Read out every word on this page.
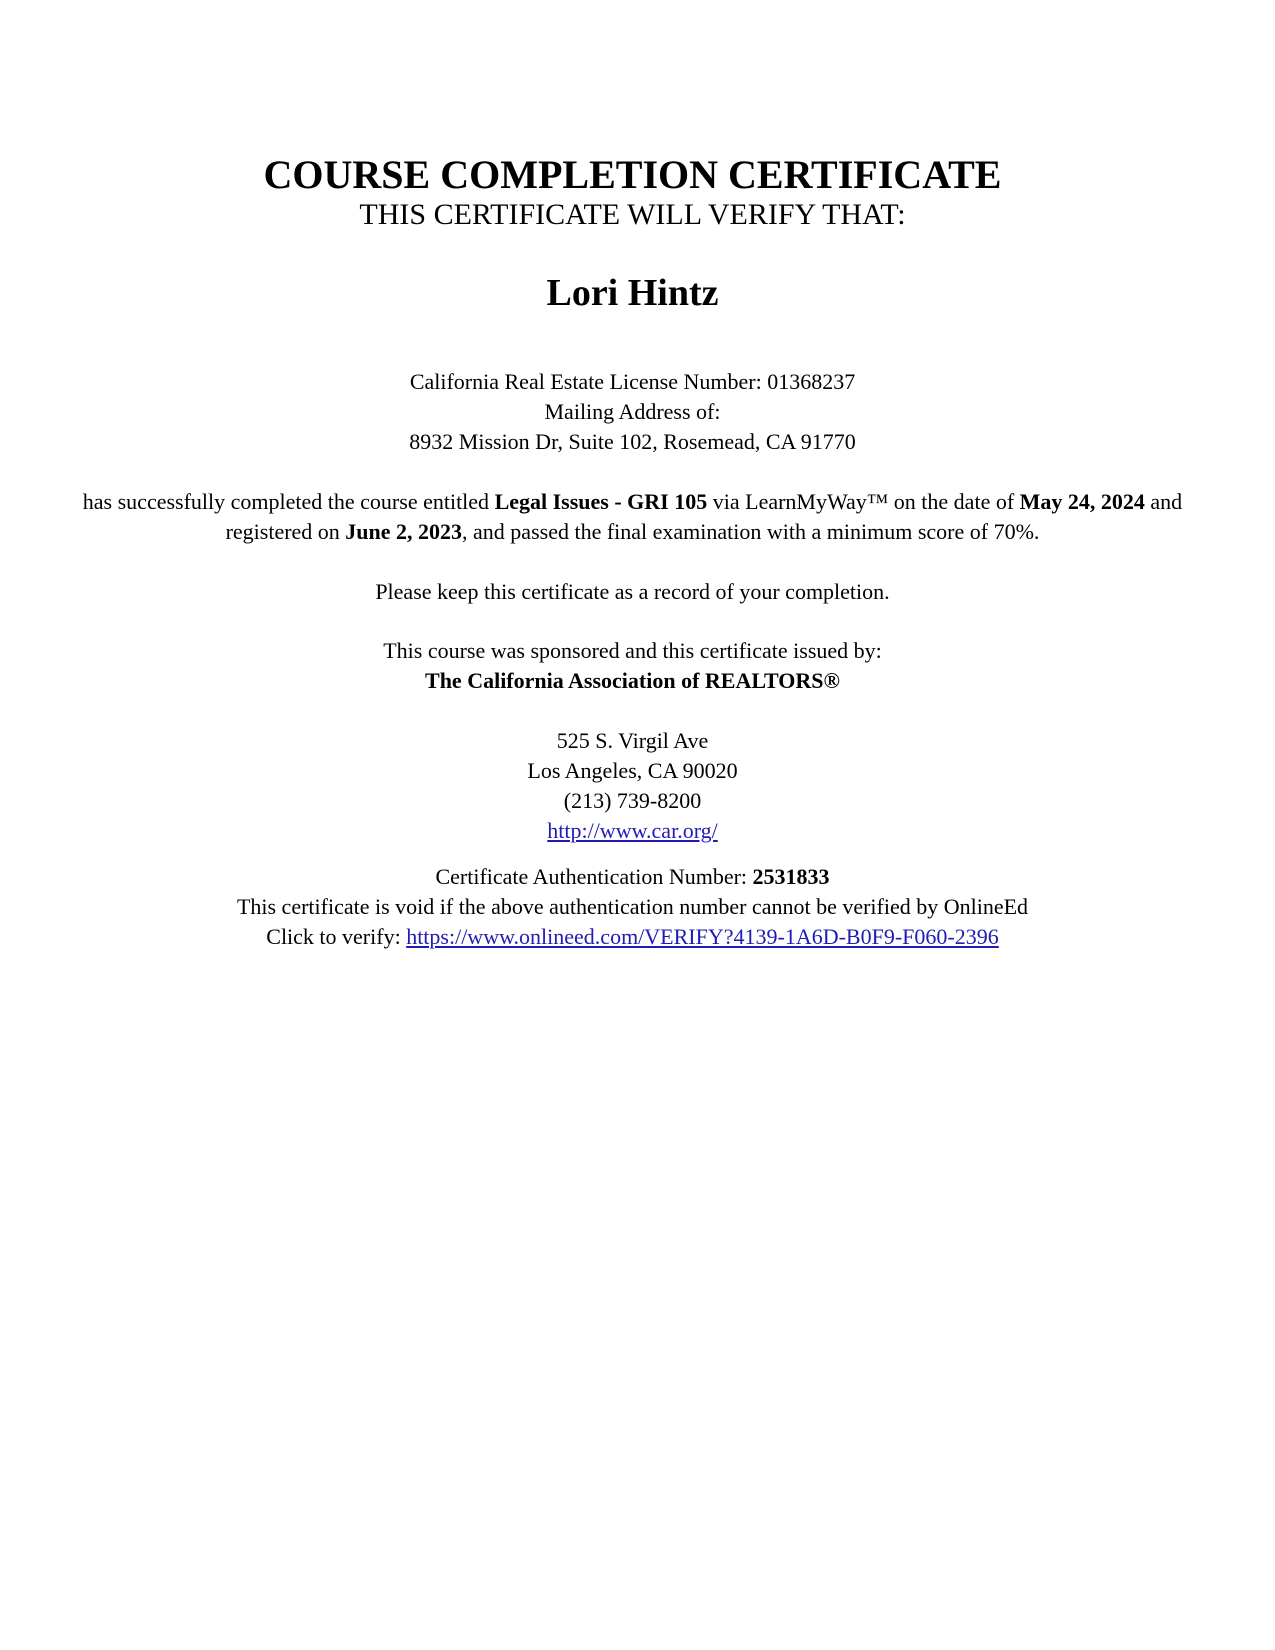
COURSE COMPLETION CERTIFICATE

THIS CERTIFICATE WILL VERIFY THAT:

Lori Hintz

California Real Estate License Number: 01368237
Mailing Address of:
8932 Mission Dr, Suite 102, Rosemead, CA 91770

has successfully completed the course entitled Legal Issues - GRI 105 via LearnMyWay™ on the date of May 24, 2024 and registered on June 2, 2023, and passed the final examination with a minimum score of 70%.

Please keep this certificate as a record of your completion.

This course was sponsored and this certificate issued by:
The California Association of REALTORS®
525 S. Virgil Ave
Los Angeles, CA 90020
(213) 739-8200
http://www.car.org/
Certificate Authentication Number: 2531833
This certificate is void if the above authentication number cannot be verified by OnlineEd
Click to verify: https://www.onlineed.com/VERIFY?4139-1A6D-B0F9-F060-2396
